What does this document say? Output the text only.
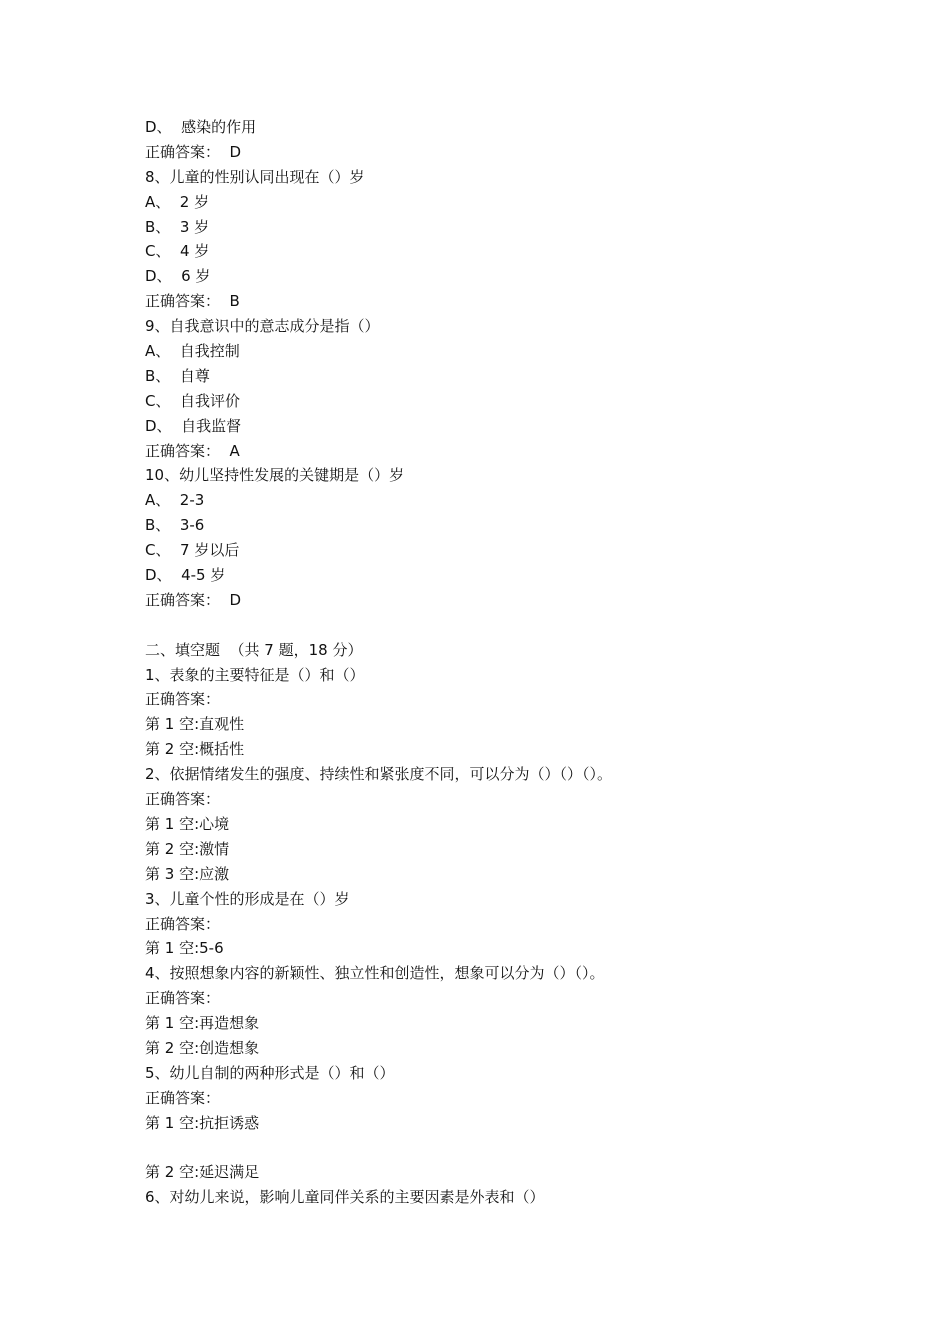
D、  感染的作用
正确答案：  D
8、儿童的性别认同出现在（）岁
A、  2 岁
B、  3 岁
C、  4 岁
D、  6 岁
正确答案：  B
9、自我意识中的意志成分是指（）
A、  自我控制
B、  自尊
C、  自我评价
D、  自我监督
正确答案：  A
10、幼儿坚持性发展的关键期是（）岁
A、  2-3
B、  3-6
C、  7 岁以后
D、  4-5 岁
正确答案：  D
二、填空题  （共 7 题，18 分）
1、表象的主要特征是（）和（）
正确答案：
第 1 空:直观性
第 2 空:概括性
2、依据情绪发生的强度、持续性和紧张度不同，可以分为（）（）（）。
正确答案：
第 1 空:心境
第 2 空:激情
第 3 空:应激
3、儿童个性的形成是在（）岁
正确答案：
第 1 空:5-6
4、按照想象内容的新颖性、独立性和创造性，想象可以分为（）（）。
正确答案：
第 1 空:再造想象
第 2 空:创造想象
5、幼儿自制的两种形式是（）和（）
正确答案：
第 1 空:抗拒诱惑
第 2 空:延迟满足
6、对幼儿来说，影响儿童同伴关系的主要因素是外表和（）
